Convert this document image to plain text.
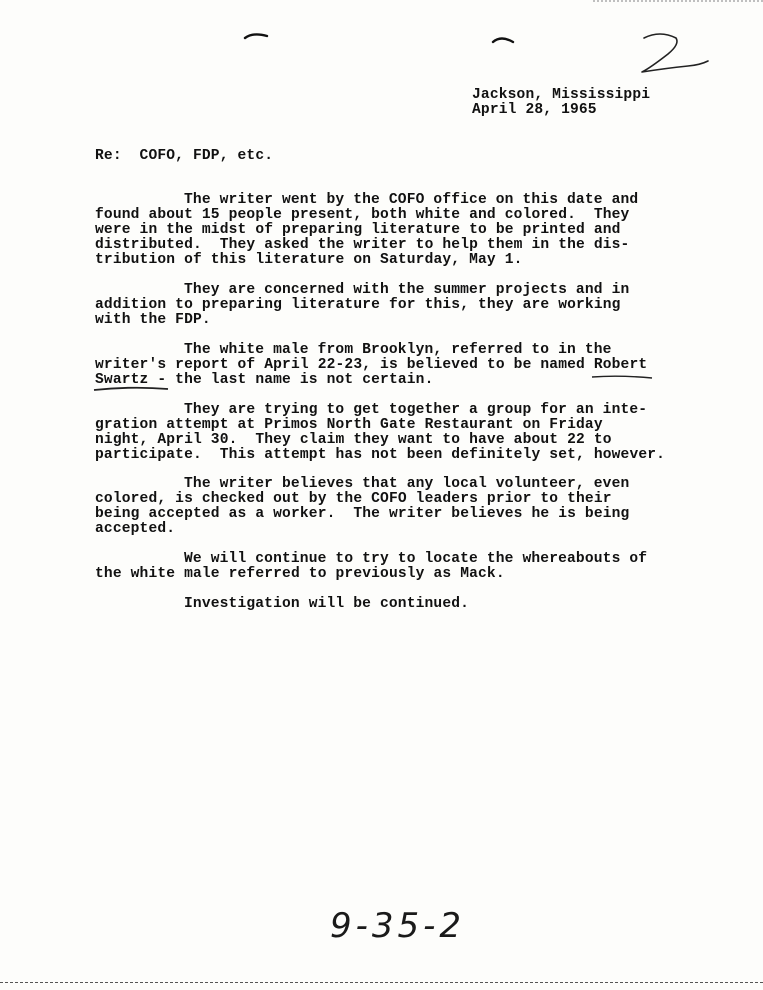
Jackson, Mississippi
April 28, 1965
Re:  COFO, FDP, etc.
The writer went by the COFO office on this date and
found about 15 people present, both white and colored.  They
were in the midst of preparing literature to be printed and
distributed.  They asked the writer to help them in the dis-
tribution of this literature on Saturday, May 1.
They are concerned with the summer projects and in
addition to preparing literature for this, they are working
with the FDP.
The white male from Brooklyn, referred to in the
writer's report of April 22-23, is believed to be named Robert
Swartz - the last name is not certain.
They are trying to get together a group for an inte-
gration attempt at Primos North Gate Restaurant on Friday
night, April 30.  They claim they want to have about 22 to
participate.  This attempt has not been definitely set, however.
The writer believes that any local volunteer, even
colored, is checked out by the COFO leaders prior to their
being accepted as a worker.  The writer believes he is being
accepted.
We will continue to try to locate the whereabouts of
the white male referred to previously as Mack.
Investigation will be continued.
9-35-2
